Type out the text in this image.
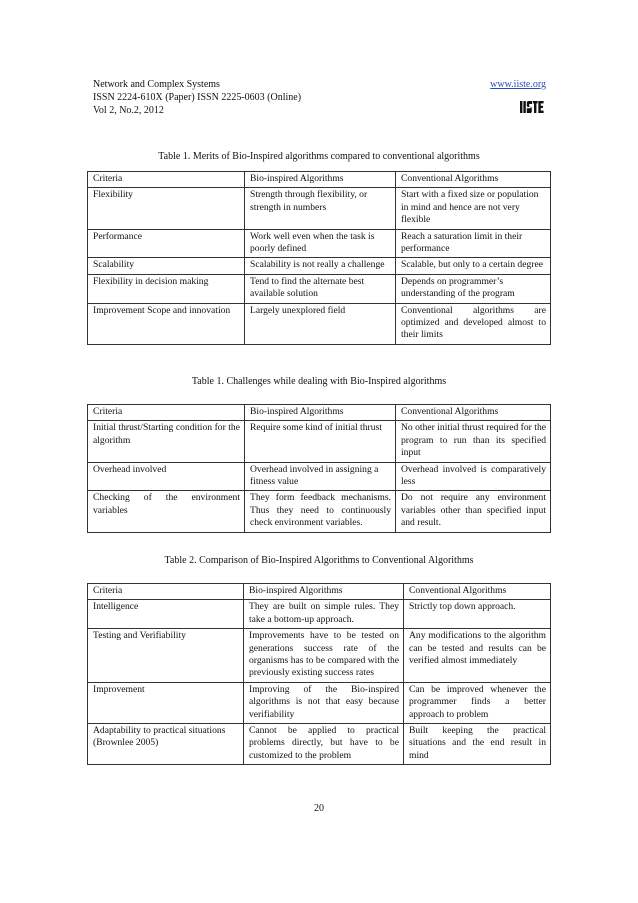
Network and Complex Systems
ISSN 2224-610X (Paper) ISSN 2225-0603 (Online)
Vol 2, No.2, 2012
www.iiste.org
Table 1. Merits of Bio-Inspired algorithms compared to conventional algorithms
Criteria	Bio-inspired Algorithms	Conventional Algorithms
Flexibility	Strength through flexibility, or strength in numbers	Start with a fixed size or population in mind and hence are not very flexible
Performance	Work well even when the task is poorly defined	Reach a saturation limit in their performance
Scalability	Scalability is not really a challenge	Scalable, but only to a certain degree
Flexibility in decision making	Tend to find the alternate best available solution	Depends on programmer’s understanding of the program
Improvement Scope and innovation	Largely unexplored field	Conventional algorithms are optimized and developed almost to their limits
Table 1. Challenges while dealing with Bio-Inspired algorithms
Criteria	Bio-inspired Algorithms	Conventional Algorithms
Initial thrust/Starting condition for the algorithm	Require some kind of initial thrust	No other initial thrust required for the program to run than its specified input
Overhead involved	Overhead involved in assigning a fitness value	Overhead involved is comparatively less
Checking of the environment variables	They form feedback mechanisms. Thus they need to continuously check environment variables.	Do not require any environment variables other than specified input and result.
Table 2. Comparison of Bio-Inspired Algorithms to Conventional Algorithms
Criteria	Bio-inspired Algorithms	Conventional Algorithms
Intelligence	They are built on simple rules. They take a bottom-up approach.	Strictly top down approach.
Testing and Verifiability	Improvements have to be tested on generations success rate of the organisms has to be compared with the previously existing success rates	Any modifications to the algorithm can be tested and results can be verified almost immediately
Improvement	Improving of the Bio-inspired algorithms is not that easy because verifiability	Can be improved whenever the programmer finds a better approach to problem
Adaptability to practical situations (Brownlee 2005)	Cannot be applied to practical problems directly, but have to be customized to the problem	Built keeping the practical situations and the end result in mind
20
